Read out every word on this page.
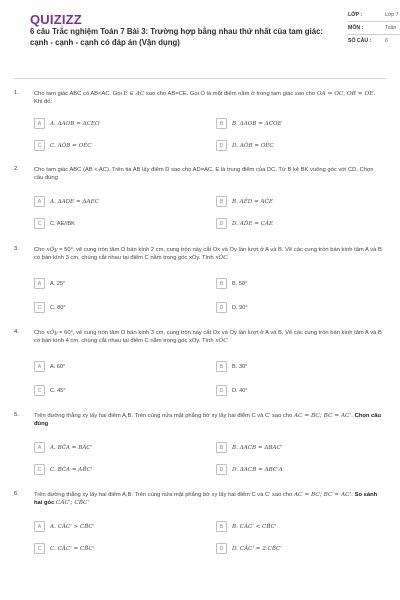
QUIZIZZ
6 câu Trắc nghiệm Toán 7 Bài 3: Trường hợp bằng nhau thứ nhất của tam giác: cạnh - cạnh - cạnh có đáp án (Vận dụng)
LỚP :	Lớp 7
MÔN :	Toán
SỐ CÂU :	6
1.	Cho tam giác ABC có AB<AC. Gọi E ∈ AC sao cho AB=CE. Gọi O là một điểm nằm ở trong tam giác sao cho OA = OC, OB = OE. Khi đó:
A	A. ΔAOB = ΔCEO	B	B. ΔAOB = ΔCOE
C	C. AÔB = OÊC	D	D. AÔB = OÊC
2.	Cho tam giác ABC (AB < AC). Trên tia AB lấy điểm D sao cho AD=AC. E là trung điểm của DC. Từ B kẻ BK vuông góc với CD. Chọn câu đúng
A	A. ΔADE = ΔAEC	B	B. AÊD = AĈE
C	C. AE//BK	D	D. AD̂E = CÂE
3.	Cho xÔy = 50°, vẽ cung tròn tâm O bán kính 2 cm, cung tròn này cắt Ox và Oy lần lượt ở A và B. Vẽ các cung tròn bán kính tâm A và B có bán kính 3 cm, chúng cắt nhau tại điểm C nằm trong góc xOy. Tính xÔC
A	A. 25°	B	B. 50°
C	C. 80°	D	D. 90°
4.	Cho xÔy = 60°, vẽ cung tròn tâm O bán kính 3 cm, cung tròn này cắt Ox và Oy lần lượt ở A và B. Vẽ các cung tròn bán kính tâm A và B có bán kính 4 cm, chúng cắt nhau tại điểm C nằm trong góc xOy. Tính xÔC
A	A. 60°	B	B. 30°
C	C. 45°	D	D. 40°
5.	Trên đường thẳng xy lấy hai điểm A,B. Trên cùng nửa mặt phẳng bờ xy lấy hai điểm C và C' sao cho AC = BC; BC = AC'. Chọn câu đúng
A	A. BĈA = BÂC'	B	B. ΔACB = ΔBAC'
C	C. BĈA = AB̂C'	D	D. ΔACB = ΔBC'A
6.	Trên đường thẳng xy lấy hai điểm A,B. Trên cùng nửa mặt phẳng bờ xy lấy hai điểm C và C' sao cho AC = BC; BC = AC'. So sánh hai góc CÂC'; CB̂C'
A	A. CÂC' > CB̂C'	B	B. CÂC' < CB̂C'
C	C. CÂC' = CB̂C'	D	D. CÂC' = 2.CB̂C'
